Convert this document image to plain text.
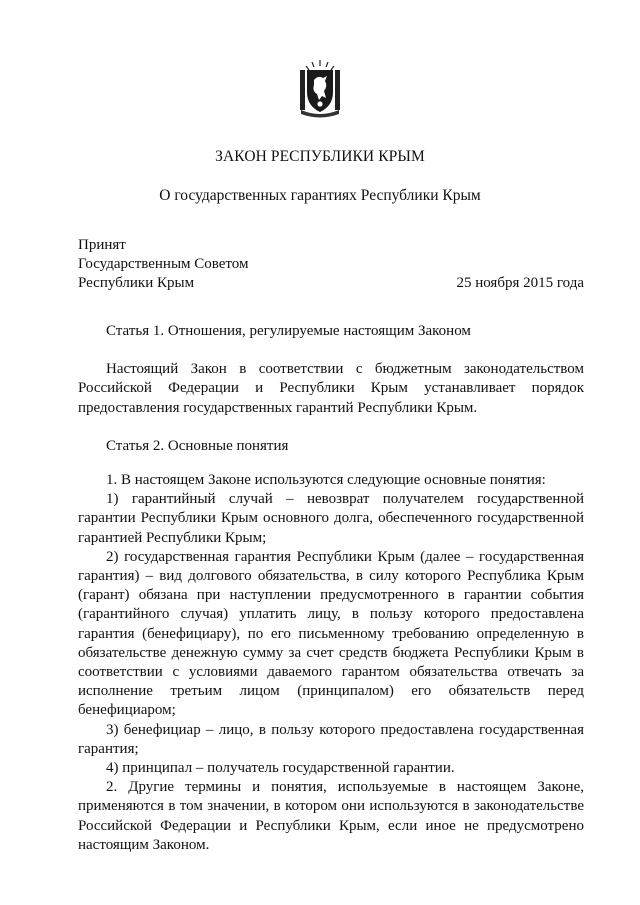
ЗАКОН РЕСПУБЛИКИ КРЫМ
О государственных гарантиях Республики Крым
Принят
Государственным Советом
Республики Крым	25 ноября 2015 года

Статья 1. Отношения, регулируемые настоящим Законом

Настоящий Закон в соответствии с бюджетным законодательством Российской Федерации и Республики Крым устанавливает порядок предоставления государственных гарантий Республики Крым.

Статья 2. Основные понятия

1. В настоящем Законе используются следующие основные понятия:

1) гарантийный случай – невозврат получателем государственной гарантии Республики Крым основного долга, обеспеченного государственной гарантией Республики Крым;

2) государственная гарантия Республики Крым (далее – государственная гарантия) – вид долгового обязательства, в силу которого Республика Крым (гарант) обязана при наступлении предусмотренного в гарантии события (гарантийного случая) уплатить лицу, в пользу которого предоставлена гарантия (бенефициару), по его письменному требованию определенную в обязательстве денежную сумму за счет средств бюджета Республики Крым в соответствии с условиями даваемого гарантом обязательства отвечать за исполнение третьим лицом (принципалом) его обязательств перед бенефициаром;

3) бенефициар – лицо, в пользу которого предоставлена государственная гарантия;

4) принципал – получатель государственной гарантии.

2. Другие термины и понятия, используемые в настоящем Законе, применяются в том значении, в котором они используются в законодательстве Российской Федерации и Республики Крым, если иное не предусмотрено настоящим Законом.
